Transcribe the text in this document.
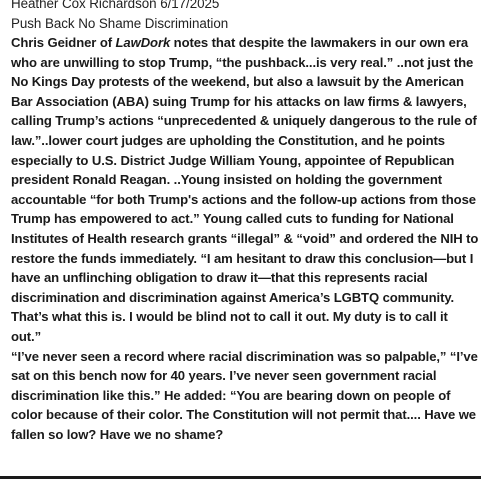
Heather Cox Richardson 6/17/2025
Push Back No Shame Discrimination

Chris Geidner of LawDork notes that despite the lawmakers in our own era who are unwilling to stop Trump, “the pushback...is very real.” ..not just the No Kings Day protests of the weekend, but also a lawsuit by the American Bar Association (ABA) suing Trump for his attacks on law firms & lawyers, calling Trump’s actions “unprecedented & uniquely dangerous to the rule of law.”..lower court judges are upholding the Constitution, and he points especially to U.S. District Judge William Young, appointee of Republican president Ronald Reagan. ..Young insisted on holding the government accountable “for both Trump's actions and the follow-up actions from those Trump has empowered to act.” Young called cuts to funding for National Institutes of Health research grants “illegal” & “void” and ordered the NIH to restore the funds immediately. “I am hesitant to draw this conclusion—but I have an unflinching obligation to draw it—that this represents racial discrimination and discrimination against America’s LGBTQ community. That’s what this is. I would be blind not to call it out. My duty is to call it out.”

“I’ve never seen a record where racial discrimination was so palpable,” “I’ve sat on this bench now for 40 years. I’ve never seen government racial discrimination like this.” He added: “You are bearing down on people of color because of their color. The Constitution will not permit that.... Have we fallen so low? Have we no shame?
